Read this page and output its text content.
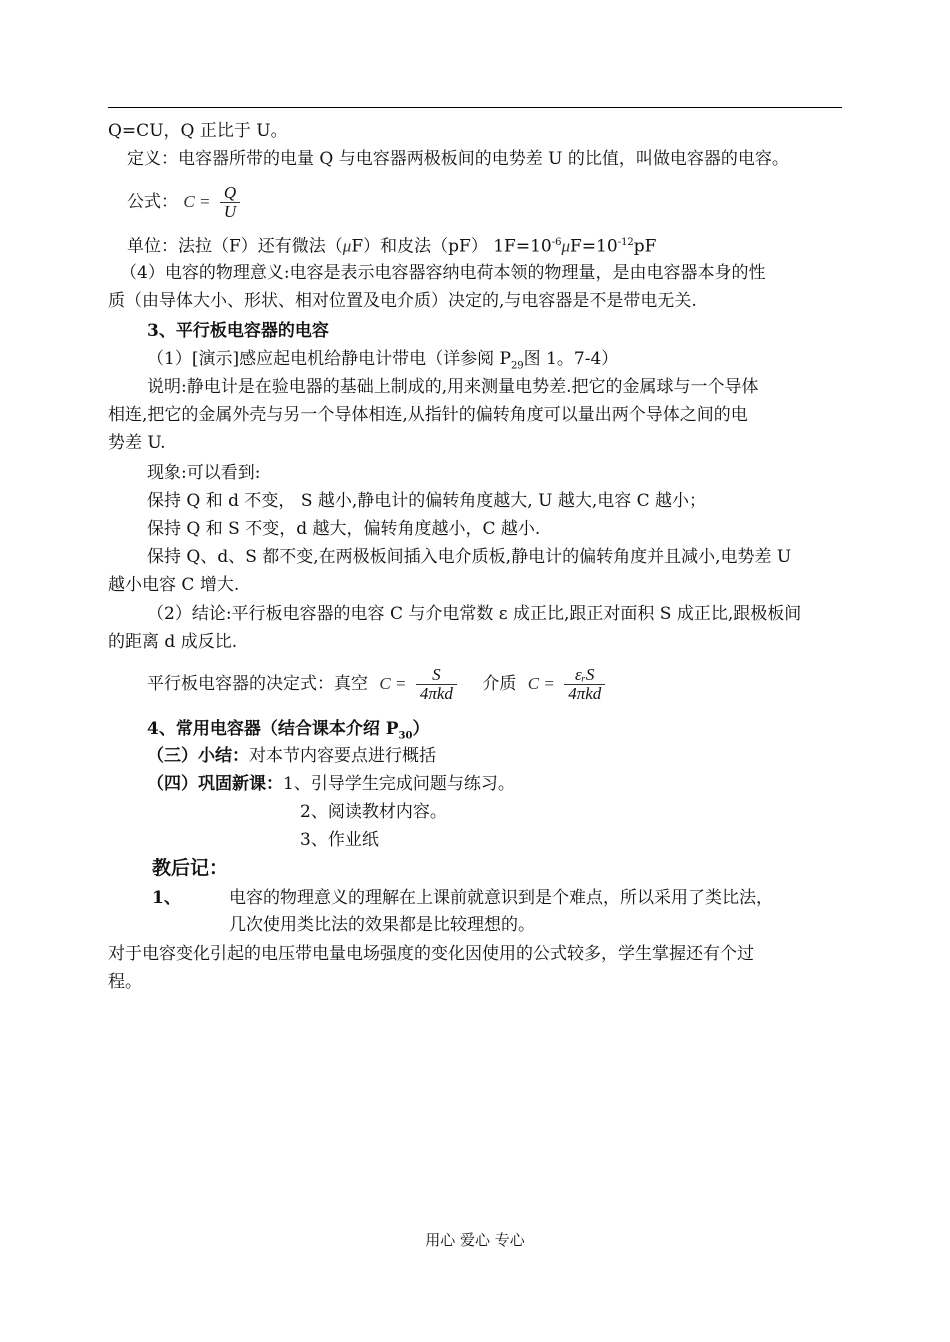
Q=CU，Q 正比于 U。
定义：电容器所带的电量 Q 与电容器两极板间的电势差 U 的比值，叫做电容器的电容。
公式： $C = \frac{Q}{U}$
单位：法拉（F）还有微法（μF）和皮法（pF） $1F=10^{-6}\mu F=10^{-12}pF$
（4）电容的物理意义:电容是表示电容器容纳电荷本领的物理量，是由电容器本身的性
质（由导体大小、形状、相对位置及电介质）决定的,与电容器是不是带电无关.
3、平行板电容器的电容
（1）[演示]感应起电机给静电计带电（详参阅 $P_{29}$图 1。7-4）
说明:静电计是在验电器的基础上制成的,用来测量电势差.把它的金属球与一个导体
相连,把它的金属外壳与另一个导体相连,从指针的偏转角度可以量出两个导体之间的电
势差 U.
现象:可以看到:
保持 Q 和 d 不变， S 越小,静电计的偏转角度越大, U 越大,电容 C 越小；
保持 Q 和 S 不变，d 越大，偏转角度越小，C 越小.
保持 Q、d、S 都不变,在两极板间插入电介质板,静电计的偏转角度并且减小,电势差 U
越小电容 C 增大.
（2）结论:平行板电容器的电容 C 与介电常数 ε 成正比,跟正对面积 S 成正比,跟极板间
的距离 d 成反比.
平行板电容器的决定式：真空 $C = \frac{S}{\text{4πkd}}$ 介质 $C = \frac{\text{εᵣS}}{\text{4πkd}}$
4、常用电容器（结合课本介绍 $P_{30}$）
（三）小结：对本节内容要点进行概括
（四）巩固新课：1、引导学生完成问题与练习。
2、阅读教材内容。
3、作业纸
教后记：
1、	电容的物理意义的理解在上课前就意识到是个难点，所以采用了类比法，
几次使用类比法的效果都是比较理想的。
对于电容变化引起的电压带电量电场强度的变化因使用的公式较多，学生掌握还有个过
程。
用心 爱心 专心
